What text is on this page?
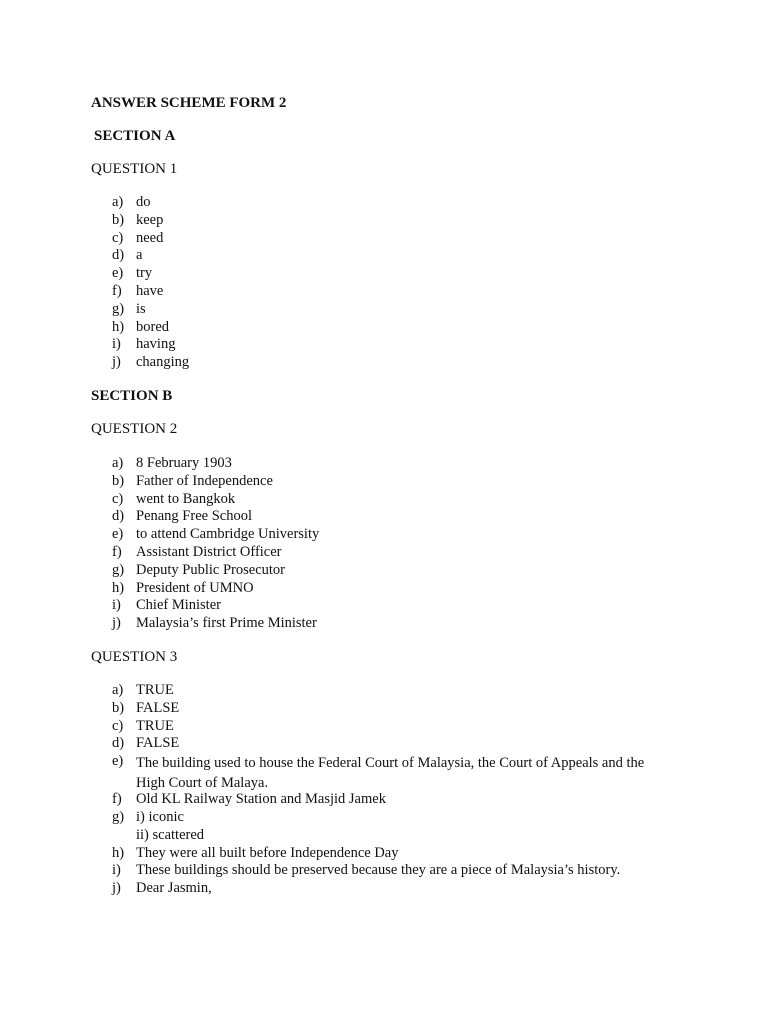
ANSWER SCHEME FORM 2
SECTION A
QUESTION 1
a) do
b) keep
c) need
d) a
e) try
f) have
g) is
h) bored
i) having
j) changing
SECTION B
QUESTION 2
a) 8 February 1903
b) Father of Independence
c) went to Bangkok
d) Penang Free School
e) to attend Cambridge University
f) Assistant District Officer
g) Deputy Public Prosecutor
h) President of UMNO
i) Chief Minister
j) Malaysia’s first Prime Minister
QUESTION 3
a) TRUE
b) FALSE
c) TRUE
d) FALSE
e) The building used to house the Federal Court of Malaysia, the Court of Appeals and the High Court of Malaya.
f) Old KL Railway Station and Masjid Jamek
g) i) iconic
ii) scattered
h) They were all built before Independence Day
i) These buildings should be preserved because they are a piece of Malaysia’s history.
j) Dear Jasmin,
